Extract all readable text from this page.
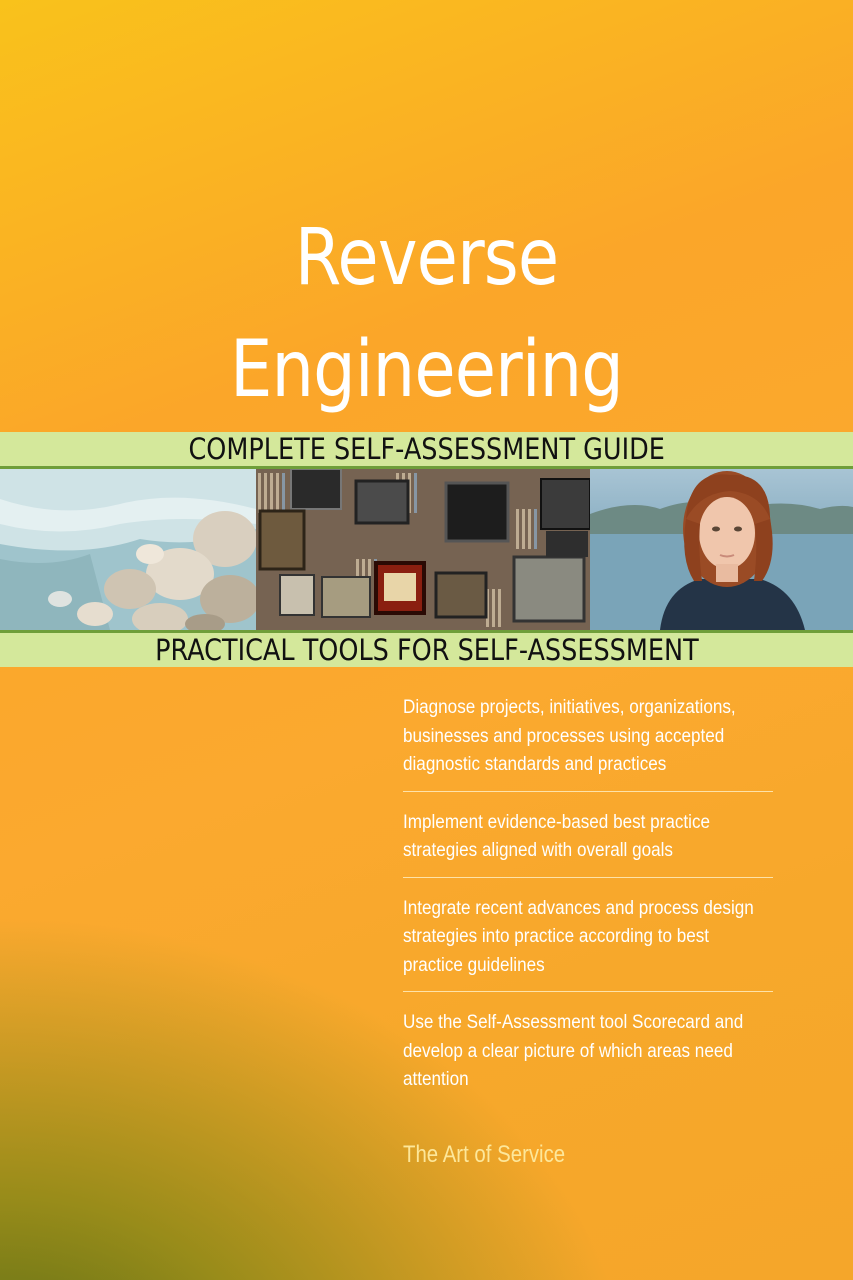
Reverse
Engineering
COMPLETE SELF-ASSESSMENT GUIDE
PRACTICAL TOOLS FOR SELF-ASSESSMENT
Diagnose projects, initiatives, organizations, businesses and processes using accepted diagnostic standards and practices
Implement evidence-based best practice strategies aligned with overall goals
Integrate recent advances and process design strategies into practice according to best practice guidelines
Use the Self-Assessment tool Scorecard and develop a clear picture of which areas need attention
The Art of Service
